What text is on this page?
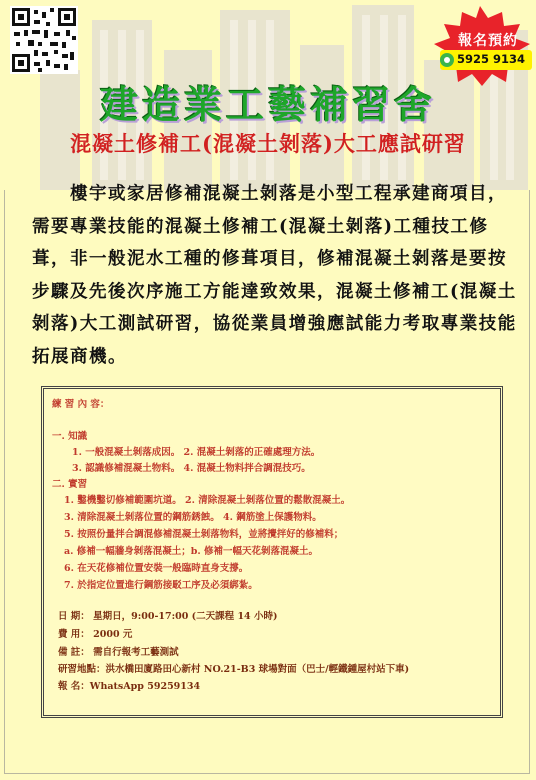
報名預約
5925 9134
建造業工藝補習舍
混凝土修補工(混凝土剝落)大工應試研習

樓宇或家居修補混凝土剝落是小型工程承建商項目，需要專業技能的混凝土修補工(混凝土剝落)工種技工修葺，非一般泥水工種的修葺項目，修補混凝土剝落是要按步驟及先後次序施工方能達致效果，混凝土修補工(混凝土剝落)大工測試研習，協從業員增強應試能力考取專業技能拓展商機。

練 習 內 容：
一. 知識
1. 一般混凝土剝落成因。 2. 混凝土剝落的正確處理方法。
3. 認識修補混凝土物料。 4. 混凝土物料拌合調混技巧。
二. 實習
1. 鑿機鑿切修補範圍坑道。 2. 清除混凝土剝落位置的鬆散混凝土。
3. 清除混凝土剝落位置的鋼筋銹蝕。 4. 鋼筋塗上保護物料。
5. 按照份量拌合調混修補混凝土剝落物料，並將攪拌好的修補料；
a. 修補一幅牆身剝落混凝土；b. 修補一幅天花剝落混凝土。
6. 在天花修補位置安裝一般臨時直身支撐。
7. 於指定位置進行鋼筋接駁工序及必須綁紮。
日 期： 星期日，9:00-17:00 (二天課程 14 小時)
費 用： 2000 元
備 註： 需自行報考工藝測試
研習地點：洪水橋田廈路田心新村 NO.21-B3 球場對面（巴士/輕鐵鍾屋村站下車)
報 名：WhatsApp 59259134
